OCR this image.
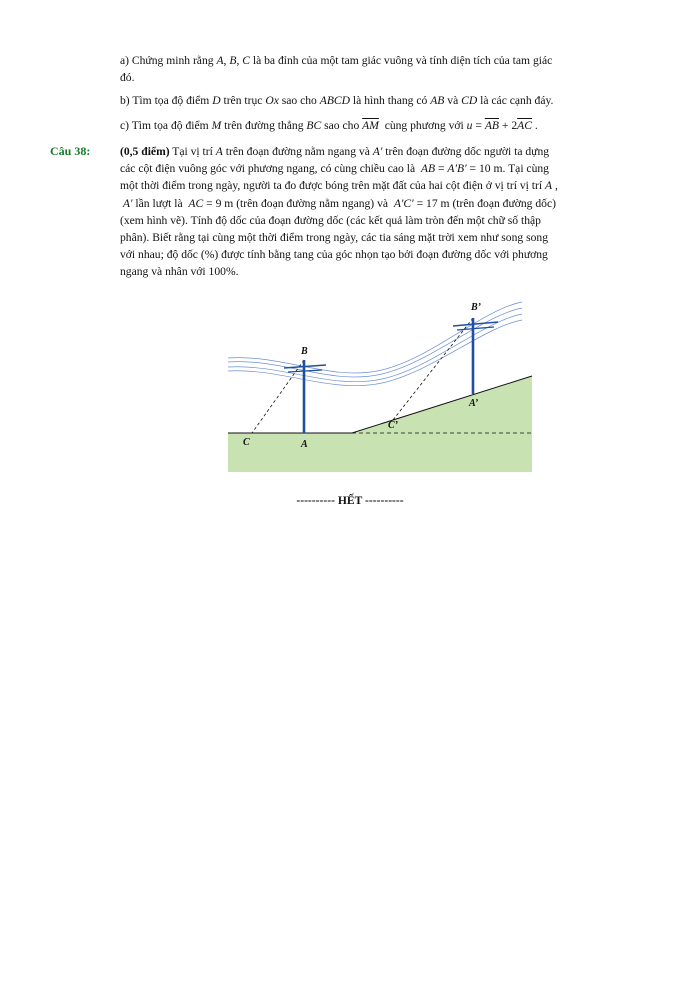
a) Chứng minh rằng A, B, C là ba đỉnh của một tam giác vuông và tính diện tích của tam giác
đó.
b) Tìm tọa độ điểm D trên trục Ox sao cho ABCD là hình thang có AB và CD là các cạnh đáy.
c) Tìm tọa độ điểm M trên đường thẳng BC sao cho $\overline{AM}$  cùng phương với $u = \overline{AB} + 2\overline{AC}$ .
Câu 38:	(0,5 điểm) Tại vị trí A trên đoạn đường nằm ngang và A′ trên đoạn đường dốc người ta dựng
các cột điện vuông góc với phương ngang, có cùng chiều cao là  AB = A′B′ = 10 m. Tại cùng
một thời điểm trong ngày, người ta đo được bóng trên mặt đất của hai cột điện ở vị trí vị trí A ,
A′ lần lượt là  AC = 9 m (trên đoạn đường nằm ngang) và  A′C′ = 17 m (trên đoạn đường dốc)
(xem hình vẽ). Tính độ dốc của đoạn đường dốc (các kết quả làm tròn đến một chữ số thập
phân). Biết rằng tại cùng một thời điểm trong ngày, các tia sáng mặt trời xem như song song
với nhau; độ dốc (%) được tính bằng tang của góc nhọn tạo bởi đoạn đường dốc với phương
ngang và nhân với 100%.
B
A
C
B’
A’
C’
---------- HẾT ----------
